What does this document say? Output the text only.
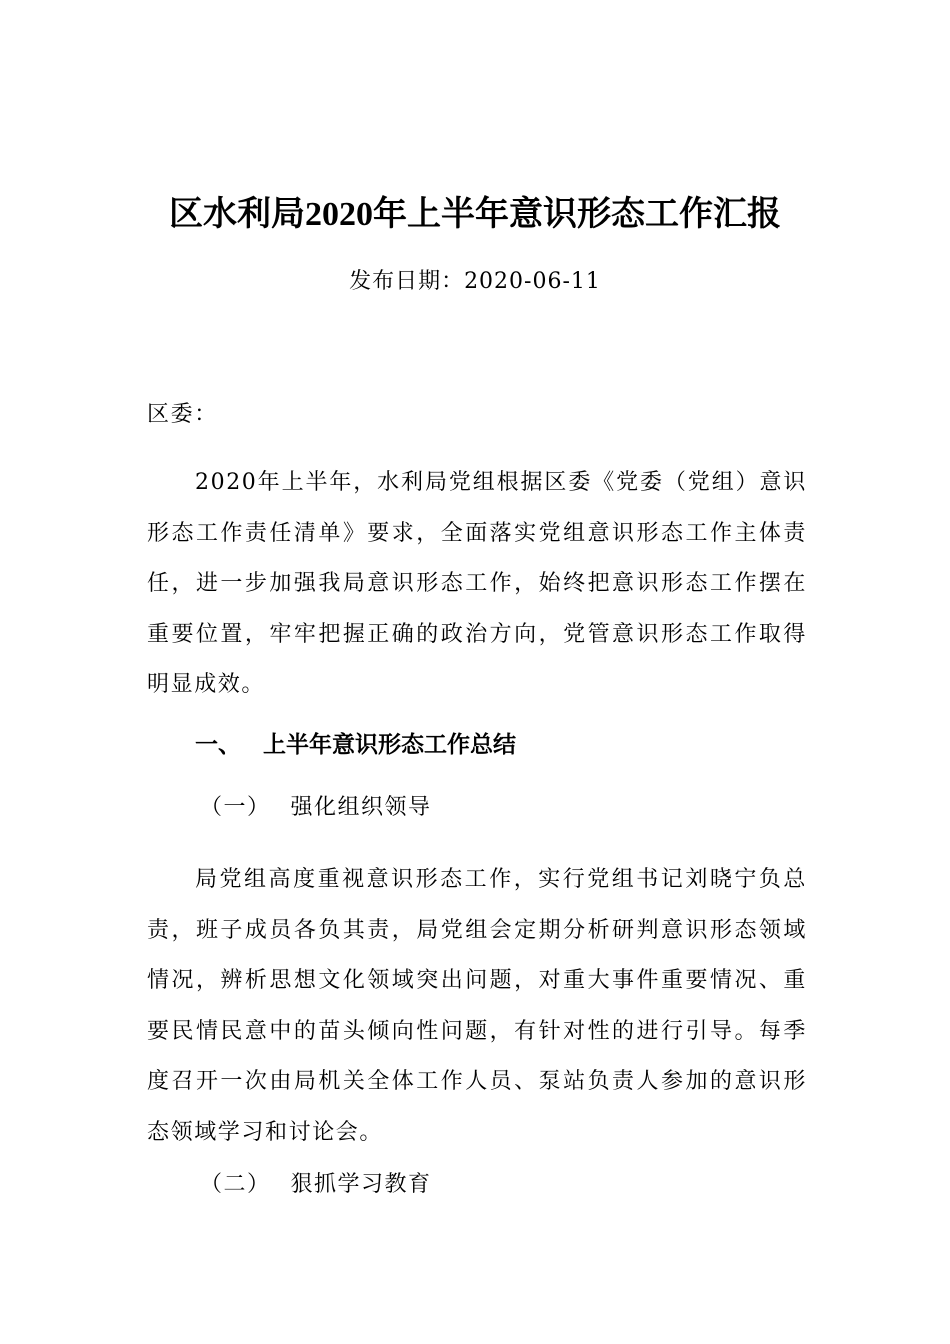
区水利局2020年上半年意识形态工作汇报
发布日期：2020-06-11
区委：
2020年上半年，水利局党组根据区委《党委（党组）意识形态工作责任清单》要求，全面落实党组意识形态工作主体责任，进一步加强我局意识形态工作，始终把意识形态工作摆在重要位置，牢牢把握正确的政治方向，党管意识形态工作取得明显成效。
一、 上半年意识形态工作总结
（一） 强化组织领导
局党组高度重视意识形态工作，实行党组书记刘晓宁负总责，班子成员各负其责，局党组会定期分析研判意识形态领域情况，辨析思想文化领域突出问题，对重大事件重要情况、重要民情民意中的苗头倾向性问题，有针对性的进行引导。每季度召开一次由局机关全体工作人员、泵站负责人参加的意识形态领域学习和讨论会。
（二） 狠抓学习教育
